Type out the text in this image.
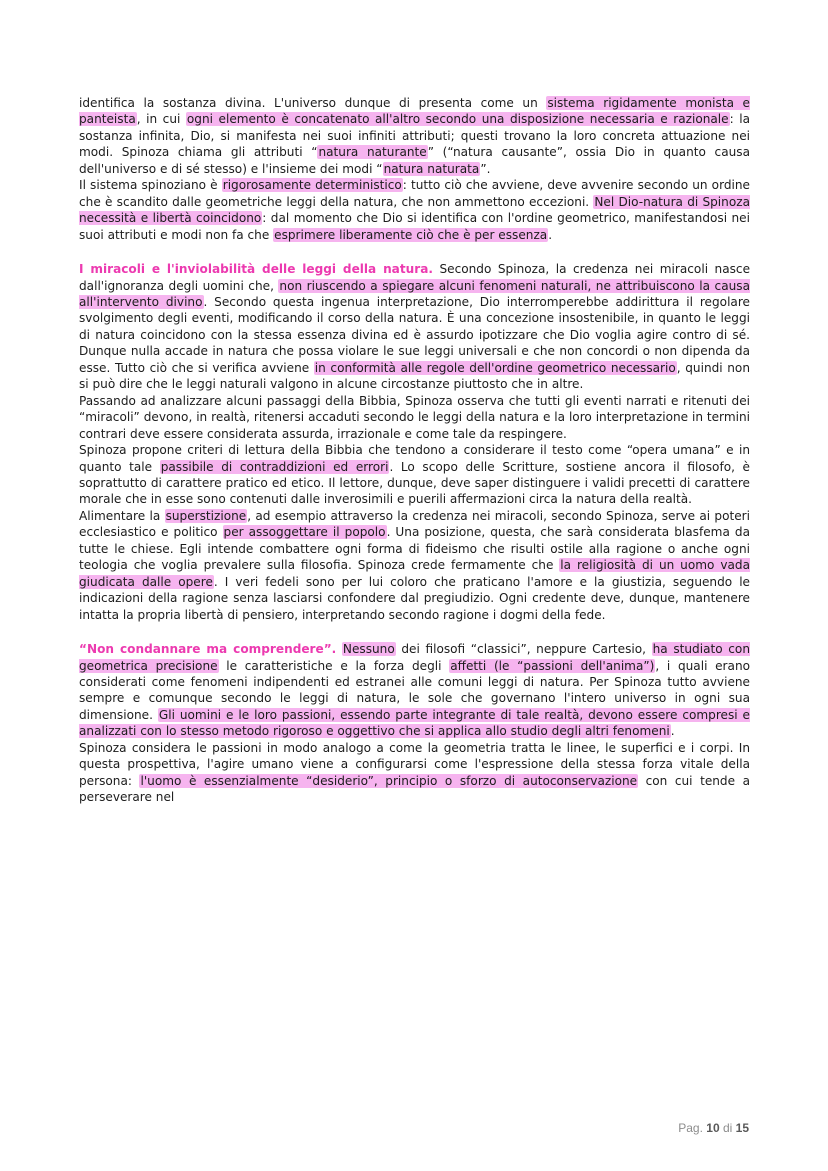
identifica la sostanza divina. L'universo dunque di presenta come un sistema rigidamente monista e panteista, in cui ogni elemento è concatenato all'altro secondo una disposizione necessaria e razionale: la sostanza infinita, Dio, si manifesta nei suoi infiniti attributi; questi trovano la loro concreta attuazione nei modi. Spinoza chiama gli attributi “natura naturante” (“natura causante”, ossia Dio in quanto causa dell'universo e di sé stesso) e l'insieme dei modi “natura naturata”.

Il sistema spinoziano è rigorosamente deterministico: tutto ciò che avviene, deve avvenire secondo un ordine che è scandito dalle geometriche leggi della natura, che non ammettono eccezioni. Nel Dio-natura di Spinoza necessità e libertà coincidono: dal momento che Dio si identifica con l'ordine geometrico, manifestandosi nei suoi attributi e modi non fa che esprimere liberamente ciò che è per essenza.

I miracoli e l'inviolabilità delle leggi della natura. Secondo Spinoza, la credenza nei miracoli nasce dall'ignoranza degli uomini che, non riuscendo a spiegare alcuni fenomeni naturali, ne attribuiscono la causa all'intervento divino. Secondo questa ingenua interpretazione, Dio interromperebbe addirittura il regolare svolgimento degli eventi, modificando il corso della natura. È una concezione insostenibile, in quanto le leggi di natura coincidono con la stessa essenza divina ed è assurdo ipotizzare che Dio voglia agire contro di sé. Dunque nulla accade in natura che possa violare le sue leggi universali e che non concordi o non dipenda da esse. Tutto ciò che si verifica avviene in conformità alle regole dell'ordine geometrico necessario, quindi non si può dire che le leggi naturali valgono in alcune circostanze piuttosto che in altre.

Passando ad analizzare alcuni passaggi della Bibbia, Spinoza osserva che tutti gli eventi narrati e ritenuti dei “miracoli” devono, in realtà, ritenersi accaduti secondo le leggi della natura e la loro interpretazione in termini contrari deve essere considerata assurda, irrazionale e come tale da respingere.

Spinoza propone criteri di lettura della Bibbia che tendono a considerare il testo come “opera umana” e in quanto tale passibile di contraddizioni ed errori. Lo scopo delle Scritture, sostiene ancora il filosofo, è soprattutto di carattere pratico ed etico. Il lettore, dunque, deve saper distinguere i validi precetti di carattere morale che in esse sono contenuti dalle inverosimili e puerili affermazioni circa la natura della realtà.

Alimentare la superstizione, ad esempio attraverso la credenza nei miracoli, secondo Spinoza, serve ai poteri ecclesiastico e politico per assoggettare il popolo. Una posizione, questa, che sarà considerata blasfema da tutte le chiese. Egli intende combattere ogni forma di fideismo che risulti ostile alla ragione o anche ogni teologia che voglia prevalere sulla filosofia. Spinoza crede fermamente che la religiosità di un uomo vada giudicata dalle opere. I veri fedeli sono per lui coloro che praticano l'amore e la giustizia, seguendo le indicazioni della ragione senza lasciarsi confondere dal pregiudizio. Ogni credente deve, dunque, mantenere intatta la propria libertà di pensiero, interpretando secondo ragione i dogmi della fede.

“Non condannare ma comprendere”. Nessuno dei filosofi “classici”, neppure Cartesio, ha studiato con geometrica precisione le caratteristiche e la forza degli affetti (le “passioni dell'anima”), i quali erano considerati come fenomeni indipendenti ed estranei alle comuni leggi di natura. Per Spinoza tutto avviene sempre e comunque secondo le leggi di natura, le sole che governano l'intero universo in ogni sua dimensione. Gli uomini e le loro passioni, essendo parte integrante di tale realtà, devono essere compresi e analizzati con lo stesso metodo rigoroso e oggettivo che si applica allo studio degli altri fenomeni.

Spinoza considera le passioni in modo analogo a come la geometria tratta le linee, le superfici e i corpi. In questa prospettiva, l'agire umano viene a configurarsi come l'espressione della stessa forza vitale della persona: l'uomo è essenzialmente “desiderio”, principio o sforzo di autoconservazione con cui tende a perseverare nel

Pag. 10 di 15
